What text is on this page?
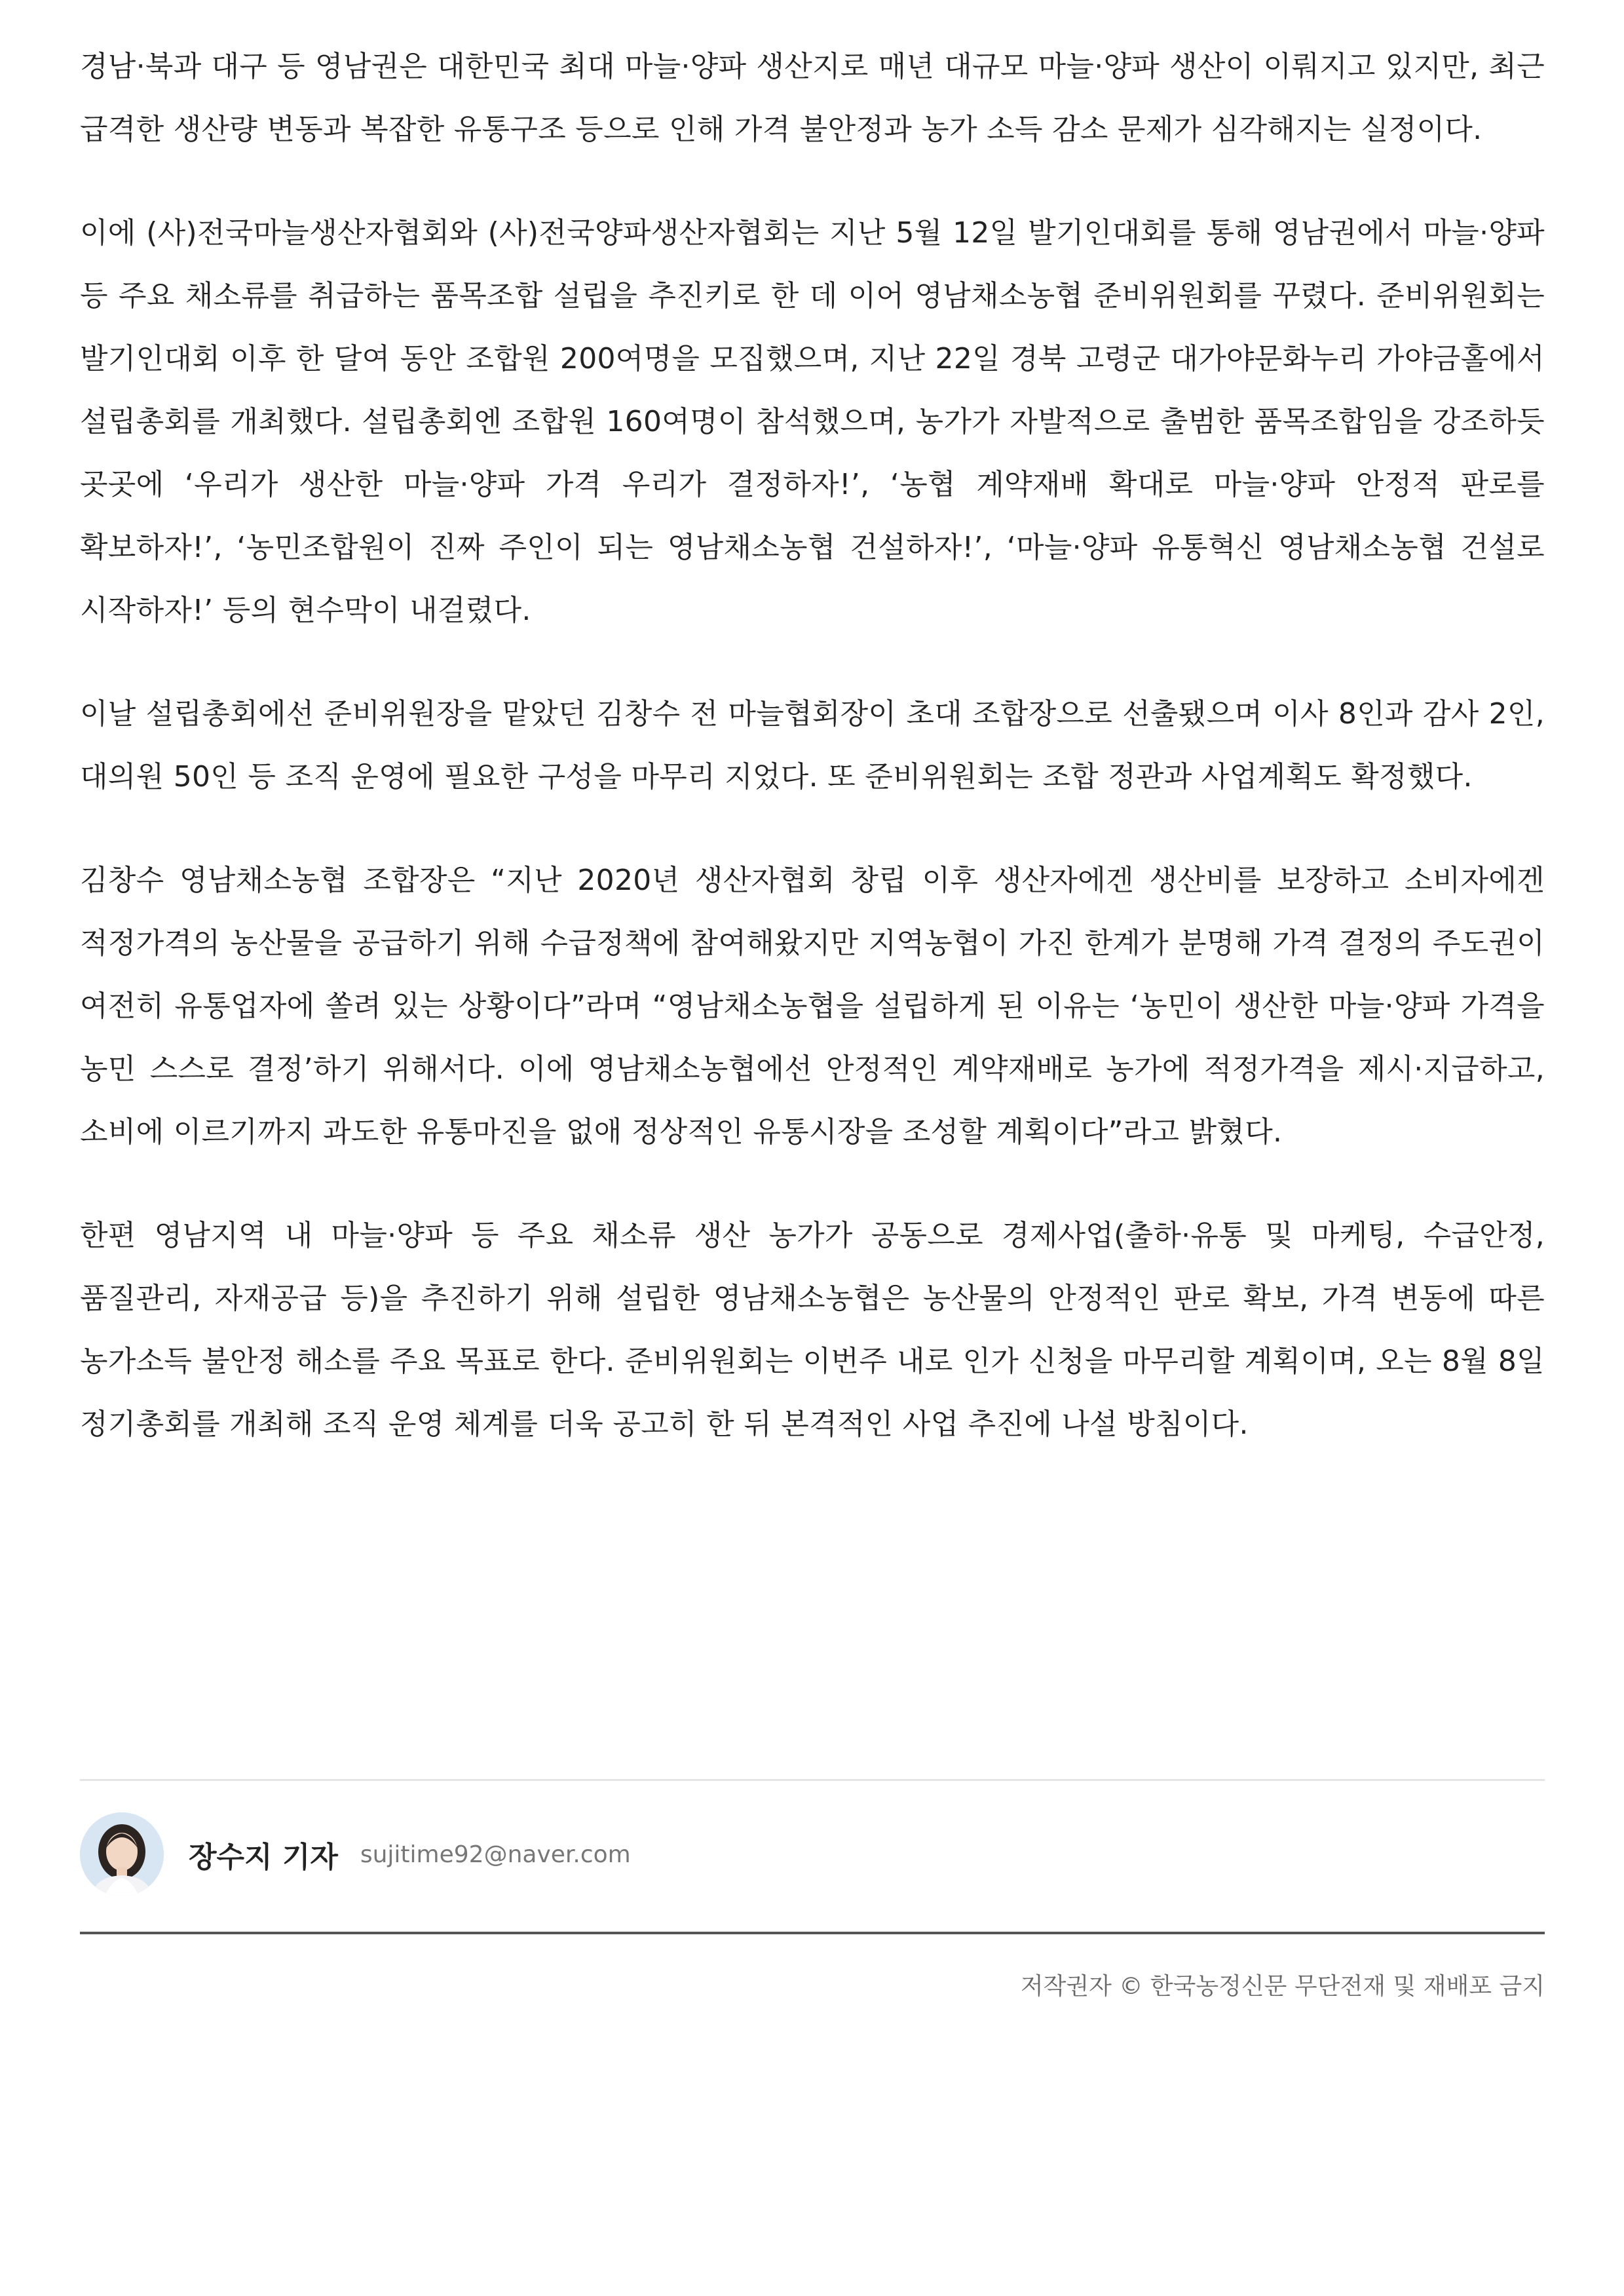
경남·북과 대구 등 영남권은 대한민국 최대 마늘·양파 생산지로 매년 대규모 마늘·양파 생산이 이뤄지고 있지만, 최근 급격한 생산량 변동과 복잡한 유통구조 등으로 인해 가격 불안정과 농가 소득 감소 문제가 심각해지는 실정이다.

이에 (사)전국마늘생산자협회와 (사)전국양파생산자협회는 지난 5월 12일 발기인대회를 통해 영남권에서 마늘·양파 등 주요 채소류를 취급하는 품목조합 설립을 추진키로 한 데 이어 영남채소농협 준비위원회를 꾸렸다. 준비위원회는 발기인대회 이후 한 달여 동안 조합원 200여명을 모집했으며, 지난 22일 경북 고령군 대가야문화누리 가야금홀에서 설립총회를 개최했다. 설립총회엔 조합원 160여명이 참석했으며, 농가가 자발적으로 출범한 품목조합임을 강조하듯 곳곳에 ‘우리가 생산한 마늘·양파 가격 우리가 결정하자!’, ‘농협 계약재배 확대로 마늘·양파 안정적 판로를 확보하자!’, ‘농민조합원이 진짜 주인이 되는 영남채소농협 건설하자!’, ‘마늘·양파 유통혁신 영남채소농협 건설로 시작하자!’ 등의 현수막이 내걸렸다.

이날 설립총회에선 준비위원장을 맡았던 김창수 전 마늘협회장이 초대 조합장으로 선출됐으며 이사 8인과 감사 2인, 대의원 50인 등 조직 운영에 필요한 구성을 마무리 지었다. 또 준비위원회는 조합 정관과 사업계획도 확정했다.

김창수 영남채소농협 조합장은 “지난 2020년 생산자협회 창립 이후 생산자에겐 생산비를 보장하고 소비자에겐 적정가격의 농산물을 공급하기 위해 수급정책에 참여해왔지만 지역농협이 가진 한계가 분명해 가격 결정의 주도권이 여전히 유통업자에 쏠려 있는 상황이다”라며 “영남채소농협을 설립하게 된 이유는 ‘농민이 생산한 마늘·양파 가격을 농민 스스로 결정’하기 위해서다. 이에 영남채소농협에선 안정적인 계약재배로 농가에 적정가격을 제시·지급하고, 소비에 이르기까지 과도한 유통마진을 없애 정상적인 유통시장을 조성할 계획이다”라고 밝혔다.

한편 영남지역 내 마늘·양파 등 주요 채소류 생산 농가가 공동으로 경제사업(출하·유통 및 마케팅, 수급안정, 품질관리, 자재공급 등)을 추진하기 위해 설립한 영남채소농협은 농산물의 안정적인 판로 확보, 가격 변동에 따른 농가소득 불안정 해소를 주요 목표로 한다. 준비위원회는 이번주 내로 인가 신청을 마무리할 계획이며, 오는 8월 8일 정기총회를 개최해 조직 운영 체계를 더욱 공고히 한 뒤 본격적인 사업 추진에 나설 방침이다.

장수지 기자 sujitime92@naver.com
저작권자 © 한국농정신문 무단전재 및 재배포 금지
